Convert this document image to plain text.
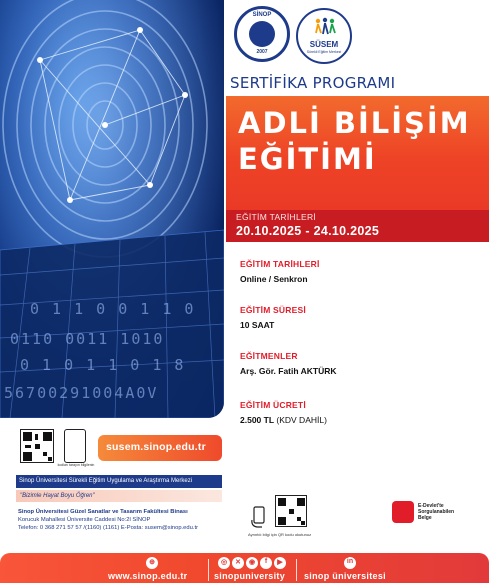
0 1 1 0 0 1 1 0
0110 0011 1010
0 1 0 1 1 0 1 8
56700291004A0V
SİNOP
2007
SÜSEM
Sürekli Eğitim Merkezi
SERTİFİKA PROGRAMI
ADLİ BİLİŞİM
EĞİTİMİ
EĞİTİM TARİHLERİ
20.10.2025 - 24.10.2025
EĞİTİM TARİHLERİ
Online / Senkron
EĞİTİM SÜRESİ
10 SAAT
EĞİTMENLER
Arş. Gör. Fatih AKTÜRK
EĞİTİM ÜCRETİ
2.500 TL (KDV DAHİL)
kodları tarayın bilgilenin
susem.sinop.edu.tr
Sinop Üniversitesi Sürekli Eğitim Uygulama ve Araştırma Merkezi
"Bizimle Hayat Boyu Öğren"
Sinop Üniversitesi Güzel Sanatlar ve Tasarım Fakültesi Binası
Korucuk Mahallesi Üniversite Caddesi No:2l SİNOP
Telefon: 0 368 271 57 57 /(1160) (1161) E-Posta: susem@sinop.edu.tr
Ayrıntılı bilgi için QR kodu okutunuz
E-Devlet'te
Sorgulanabilen
Belge
⊕
www.sinop.edu.tr
◎	✕	◉	f	▶
sinopuniversity
in
sinop üniversitesi
